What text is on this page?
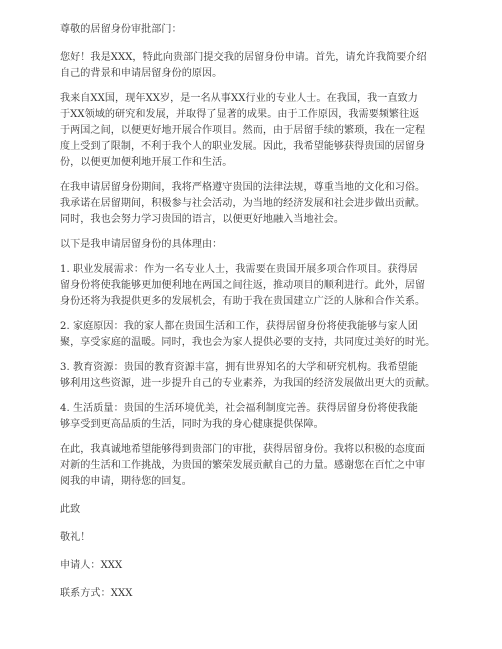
尊敬的居留身份审批部门：
您好！我是XXX，特此向贵部门提交我的居留身份申请。首先，请允许我简要介绍
自己的背景和申请居留身份的原因。
我来自XX国，现年XX岁，是一名从事XX行业的专业人士。在我国，我一直致力
于XX领域的研究和发展，并取得了显著的成果。由于工作原因，我需要频繁往返
于两国之间，以便更好地开展合作项目。然而，由于居留手续的繁琐，我在一定程
度上受到了限制，不利于我个人的职业发展。因此，我希望能够获得贵国的居留身
份，以便更加便利地开展工作和生活。
在我申请居留身份期间，我将严格遵守贵国的法律法规，尊重当地的文化和习俗。
我承诺在居留期间，积极参与社会活动，为当地的经济发展和社会进步做出贡献。
同时，我也会努力学习贵国的语言，以便更好地融入当地社会。
以下是我申请居留身份的具体理由：
1. 职业发展需求：作为一名专业人士，我需要在贵国开展多项合作项目。获得居
留身份将使我能够更加便利地在两国之间往返，推动项目的顺利进行。此外，居留
身份还将为我提供更多的发展机会，有助于我在贵国建立广泛的人脉和合作关系。
2. 家庭原因：我的家人都在贵国生活和工作，获得居留身份将使我能够与家人团
聚，享受家庭的温暖。同时，我也会为家人提供必要的支持，共同度过美好的时光。
3. 教育资源：贵国的教育资源丰富，拥有世界知名的大学和研究机构。我希望能
够利用这些资源，进一步提升自己的专业素养，为我国的经济发展做出更大的贡献。
4. 生活质量：贵国的生活环境优美，社会福利制度完善。获得居留身份将使我能
够享受到更高品质的生活，同时为我的身心健康提供保障。
在此，我真诚地希望能够得到贵部门的审批，获得居留身份。我将以积极的态度面
对新的生活和工作挑战，为贵国的繁荣发展贡献自己的力量。感谢您在百忙之中审
阅我的申请，期待您的回复。
此致
敬礼！
申请人：XXX
联系方式：XXX
